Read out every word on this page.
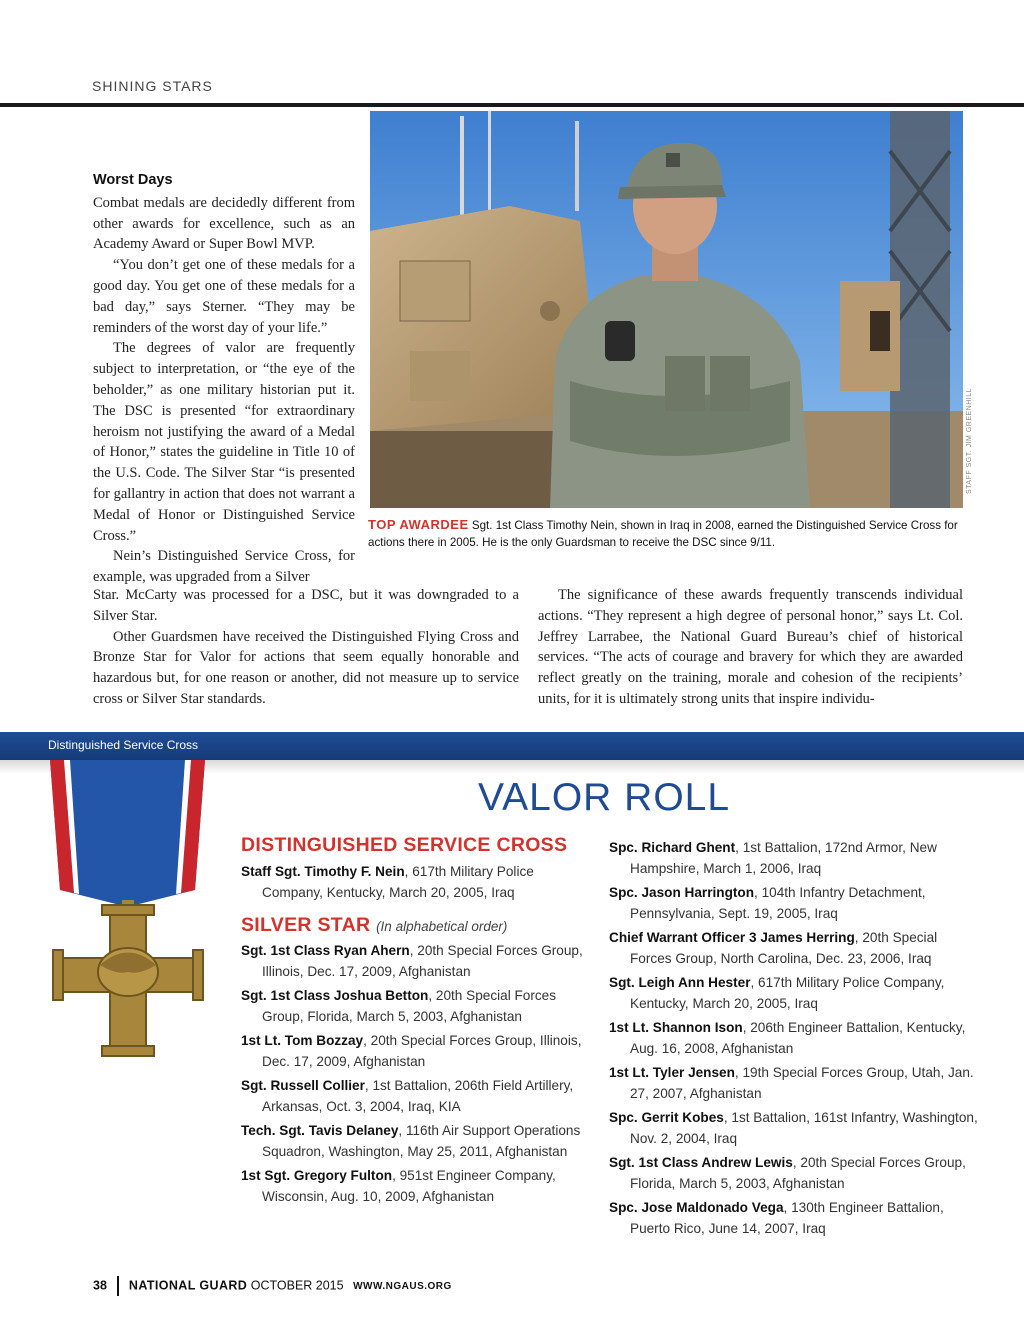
SHINING STARS
STAFF SGT. JIM GREENHILL
TOP AWARDEE Sgt. 1st Class Timothy Nein, shown in Iraq in 2008, earned the Distinguished Service Cross for actions there in 2005. He is the only Guardsman to receive the DSC since 9/11.
Worst Days

Combat medals are decidedly different from other awards for excellence, such as an Academy Award or Super Bowl MVP.

“You don’t get one of these medals for a good day. You get one of these medals for a bad day,” says Sterner. “They may be reminders of the worst day of your life.”

The degrees of valor are frequently subject to interpretation, or “the eye of the beholder,” as one military historian put it. The DSC is presented “for extraordinary heroism not justifying the award of a Medal of Honor,” states the guideline in Title 10 of the U.S. Code. The Silver Star “is presented for gallantry in action that does not warrant a Medal of Honor or Distinguished Service Cross.”

Nein’s Distinguished Service Cross, for example, was upgraded from a Silver

Star. McCarty was processed for a DSC, but it was downgraded to a Silver Star.

Other Guardsmen have received the Distinguished Flying Cross and Bronze Star for Valor for actions that seem equally honorable and hazardous but, for one reason or another, did not measure up to service cross or Silver Star standards.

The significance of these awards frequently transcends individual actions. “They represent a high degree of personal honor,” says Lt. Col. Jeffrey Larrabee, the National Guard Bureau’s chief of historical services. “The acts of courage and bravery for which they are awarded reflect greatly on the training, morale and cohesion of the recipients’ units, for it is ultimately strong units that inspire individu-

Distinguished Service Cross
VALOR ROLL
DISTINGUISHED SERVICE CROSS
Staff Sgt. Timothy F. Nein, 617th Military Police Company, Kentucky, March 20, 2005, Iraq
SILVER STAR (In alphabetical order)
Sgt. 1st Class Ryan Ahern, 20th Special Forces Group, Illinois, Dec. 17, 2009, Afghanistan
Sgt. 1st Class Joshua Betton, 20th Special Forces Group, Florida, March 5, 2003, Afghanistan
1st Lt. Tom Bozzay, 20th Special Forces Group, Illinois, Dec. 17, 2009, Afghanistan
Sgt. Russell Collier, 1st Battalion, 206th Field Artillery, Arkansas, Oct. 3, 2004, Iraq, KIA
Tech. Sgt. Tavis Delaney, 116th Air Support Operations Squadron, Washington, May 25, 2011, Afghanistan
1st Sgt. Gregory Fulton, 951st Engineer Company, Wisconsin, Aug. 10, 2009, Afghanistan
Spc. Richard Ghent, 1st Battalion, 172nd Armor, New Hampshire, March 1, 2006, Iraq
Spc. Jason Harrington, 104th Infantry Detachment, Pennsylvania, Sept. 19, 2005, Iraq
Chief Warrant Officer 3 James Herring, 20th Special Forces Group, North Carolina, Dec. 23, 2006, Iraq
Sgt. Leigh Ann Hester, 617th Military Police Company, Kentucky, March 20, 2005, Iraq
1st Lt. Shannon Ison, 206th Engineer Battalion, Kentucky, Aug. 16, 2008, Afghanistan
1st Lt. Tyler Jensen, 19th Special Forces Group, Utah, Jan. 27, 2007, Afghanistan
Spc. Gerrit Kobes, 1st Battalion, 161st Infantry, Washington, Nov. 2, 2004, Iraq
Sgt. 1st Class Andrew Lewis, 20th Special Forces Group, Florida, March 5, 2003, Afghanistan
Spc. Jose Maldonado Vega, 130th Engineer Battalion, Puerto Rico, June 14, 2007, Iraq
38 NATIONAL GUARD OCTOBER 2015 WWW.NGAUS.ORG
